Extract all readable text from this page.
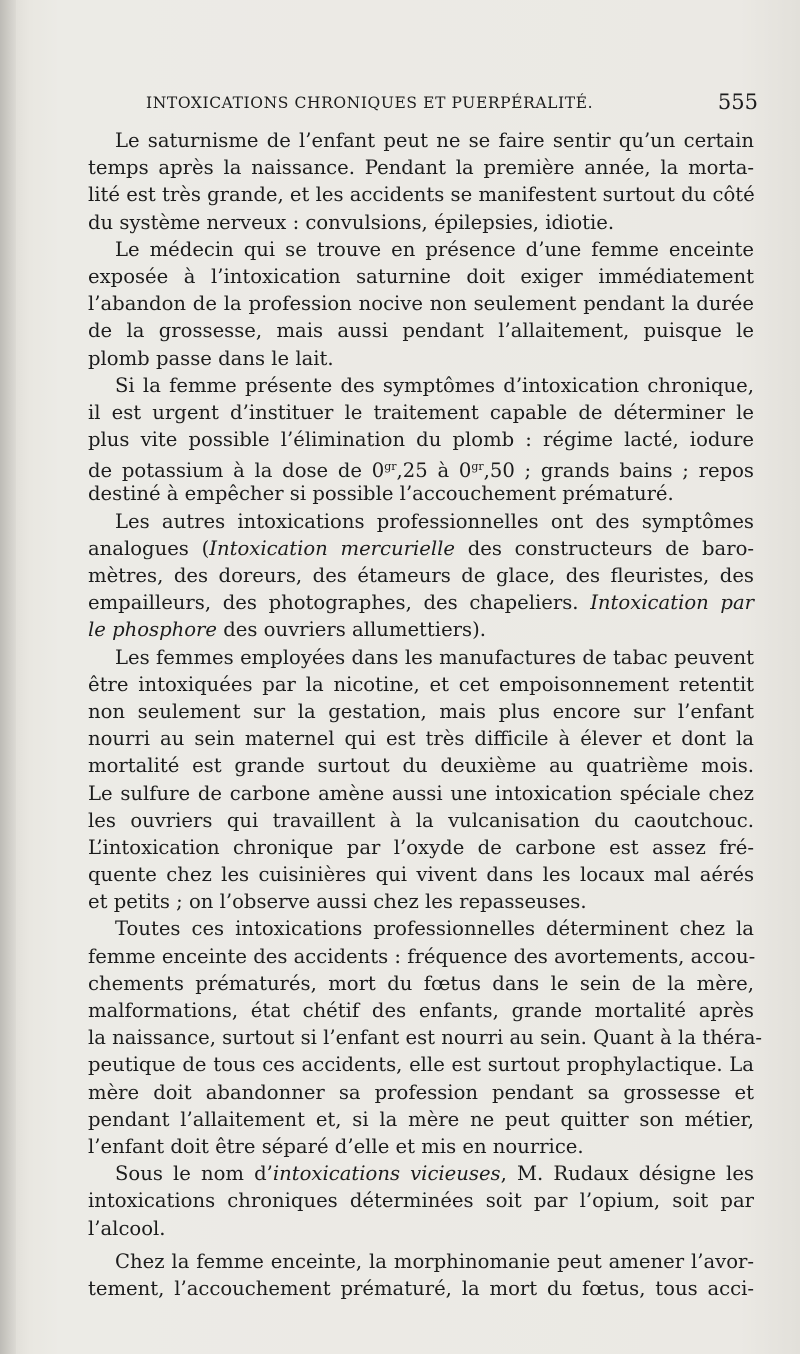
INTOXICATIONS CHRONIQUES ET PUERPÉRALITÉ.	555
Le saturnisme de l’enfant peut ne se faire sentir qu’un certain
temps après la naissance. Pendant la première année, la morta-
lité est très grande, et les accidents se manifestent surtout du côté
du système nerveux : convulsions, épilepsies, idiotie.
Le médecin qui se trouve en présence d’une femme enceinte
exposée à l’intoxication saturnine doit exiger immédiatement
l’abandon de la profession nocive non seulement pendant la durée
de la grossesse, mais aussi pendant l’allaitement, puisque le
plomb passe dans le lait.
Si la femme présente des symptômes d’intoxication chronique,
il est urgent d’instituer le traitement capable de déterminer le
plus vite possible l’élimination du plomb : régime lacté, iodure
de potassium à la dose de $0^{gr},25$ à $0^{gr},50$ ; grands bains ; repos
destiné à empêcher si possible l’accouchement prématuré.
Les autres intoxications professionnelles ont des symptômes
analogues (Intoxication mercurielle des constructeurs de baro-
mètres, des doreurs, des étameurs de glace, des fleuristes, des
empailleurs, des photographes, des chapeliers. Intoxication par
le phosphore des ouvriers allumettiers).
Les femmes employées dans les manufactures de tabac peuvent
être intoxiquées par la nicotine, et cet empoisonnement retentit
non seulement sur la gestation, mais plus encore sur l’enfant
nourri au sein maternel qui est très difficile à élever et dont la
mortalité est grande surtout du deuxième au quatrième mois.
Le sulfure de carbone amène aussi une intoxication spéciale chez
les ouvriers qui travaillent à la vulcanisation du caoutchouc.
L’intoxication chronique par l’oxyde de carbone est assez fré-
quente chez les cuisinières qui vivent dans les locaux mal aérés
et petits ; on l’observe aussi chez les repasseuses.
Toutes ces intoxications professionnelles déterminent chez la
femme enceinte des accidents : fréquence des avortements, accou-
chements prématurés, mort du fœtus dans le sein de la mère,
malformations, état chétif des enfants, grande mortalité après
la naissance, surtout si l’enfant est nourri au sein. Quant à la théra-
peutique de tous ces accidents, elle est surtout prophylactique. La
mère doit abandonner sa profession pendant sa grossesse et
pendant l’allaitement et, si la mère ne peut quitter son métier,
l’enfant doit être séparé d’elle et mis en nourrice.
Sous le nom d’intoxications vicieuses, M. Rudaux désigne les
intoxications chroniques déterminées soit par l’opium, soit par
l’alcool.
Chez la femme enceinte, la morphinomanie peut amener l’avor-
tement, l’accouchement prématuré, la mort du fœtus, tous acci-
